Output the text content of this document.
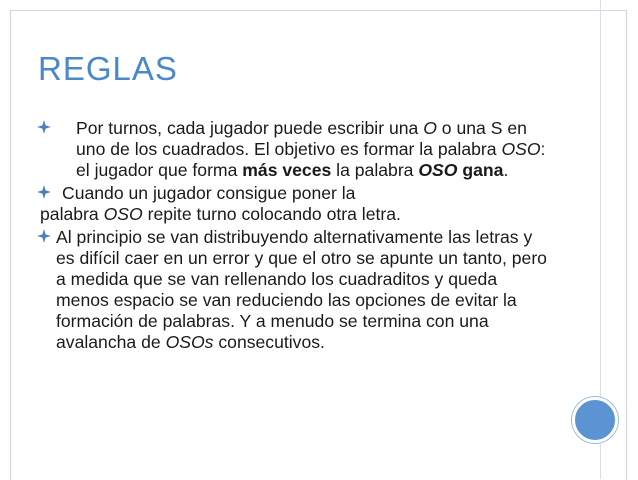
REGLAS
Por turnos, cada jugador puede escribir una O o una S en uno de los cuadrados. El objetivo es formar la palabra OSO: el jugador que forma más veces la palabra OSO gana.
Cuando un jugador consigue poner la
palabra OSO repite turno colocando otra letra.
Al principio se van distribuyendo alternativamente las letras y es difícil caer en un error y que el otro se apunte un tanto, pero a medida que se van rellenando los cuadraditos y queda menos espacio se van reduciendo las opciones de evitar la formación de palabras. Y a menudo se termina con una avalancha de OSOs consecutivos.
